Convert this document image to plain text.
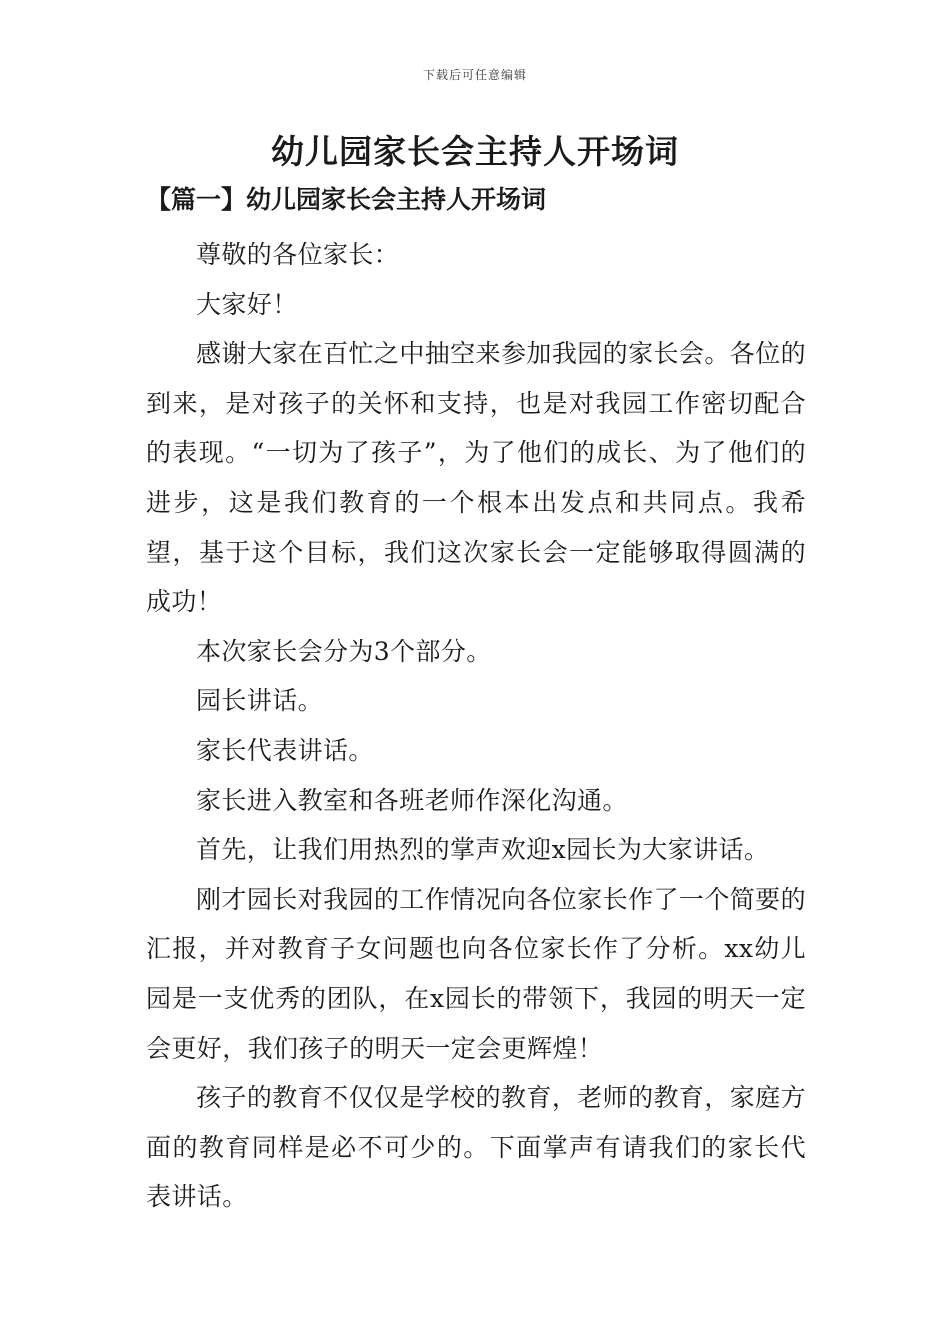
下载后可任意编辑
幼儿园家长会主持人开场词
【篇一】幼儿园家长会主持人开场词

尊敬的各位家长：

大家好！

感谢大家在百忙之中抽空来参加我园的家长会。各位的到来，是对孩子的关怀和支持，也是对我园工作密切配合的表现。“一切为了孩子”，为了他们的成长、为了他们的进步，这是我们教育的一个根本出发点和共同点。我希望，基于这个目标，我们这次家长会一定能够取得圆满的成功！

本次家长会分为3个部分。

园长讲话。

家长代表讲话。

家长进入教室和各班老师作深化沟通。

首先，让我们用热烈的掌声欢迎x园长为大家讲话。

刚才园长对我园的工作情况向各位家长作了一个简要的汇报，并对教育子女问题也向各位家长作了分析。xx幼儿园是一支优秀的团队，在x园长的带领下，我园的明天一定会更好，我们孩子的明天一定会更辉煌！

孩子的教育不仅仅是学校的教育，老师的教育，家庭方面的教育同样是必不可少的。下面掌声有请我们的家长代表讲话。
